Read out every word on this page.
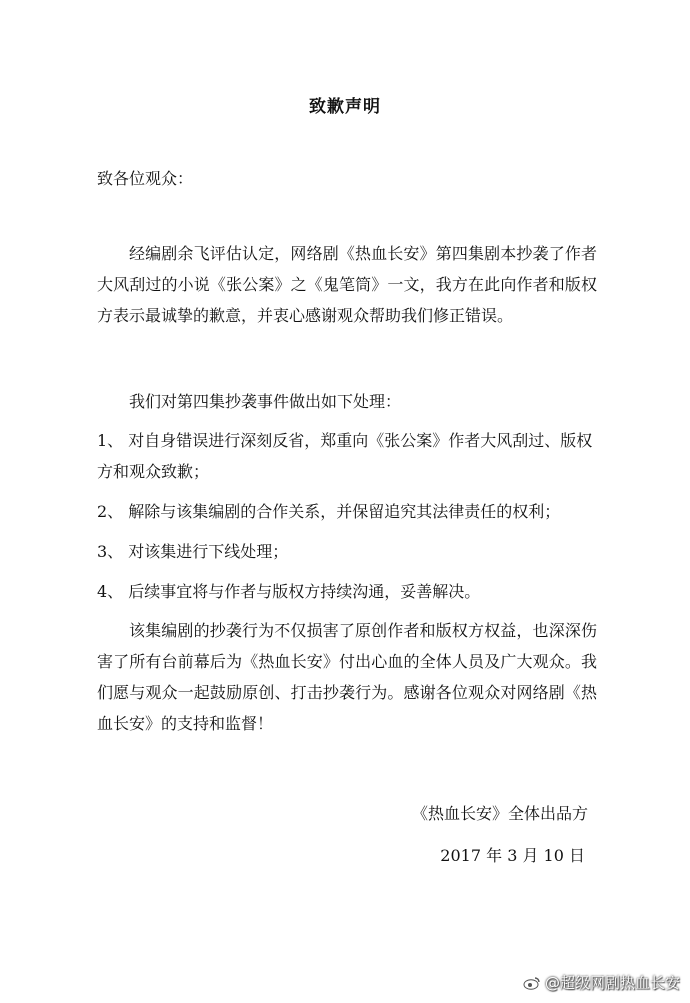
致歉声明
致各位观众：
经编剧余飞评估认定，网络剧《热血长安》第四集剧本抄袭了作者大风刮过的小说《张公案》之《鬼笔筒》一文，我方在此向作者和版权方表示最诚挚的歉意，并衷心感谢观众帮助我们修正错误。
我们对第四集抄袭事件做出如下处理：
1、 对自身错误进行深刻反省，郑重向《张公案》作者大风刮过、版权方和观众致歉；
2、 解除与该集编剧的合作关系，并保留追究其法律责任的权利；
3、 对该集进行下线处理；
4、 后续事宜将与作者与版权方持续沟通，妥善解决。
该集编剧的抄袭行为不仅损害了原创作者和版权方权益，也深深伤害了所有台前幕后为《热血长安》付出心血的全体人员及广大观众。我们愿与观众一起鼓励原创、打击抄袭行为。感谢各位观众对网络剧《热血长安》的支持和监督！
《热血长安》全体出品方
2017 年 3 月 10 日
@超级网剧热血长安
